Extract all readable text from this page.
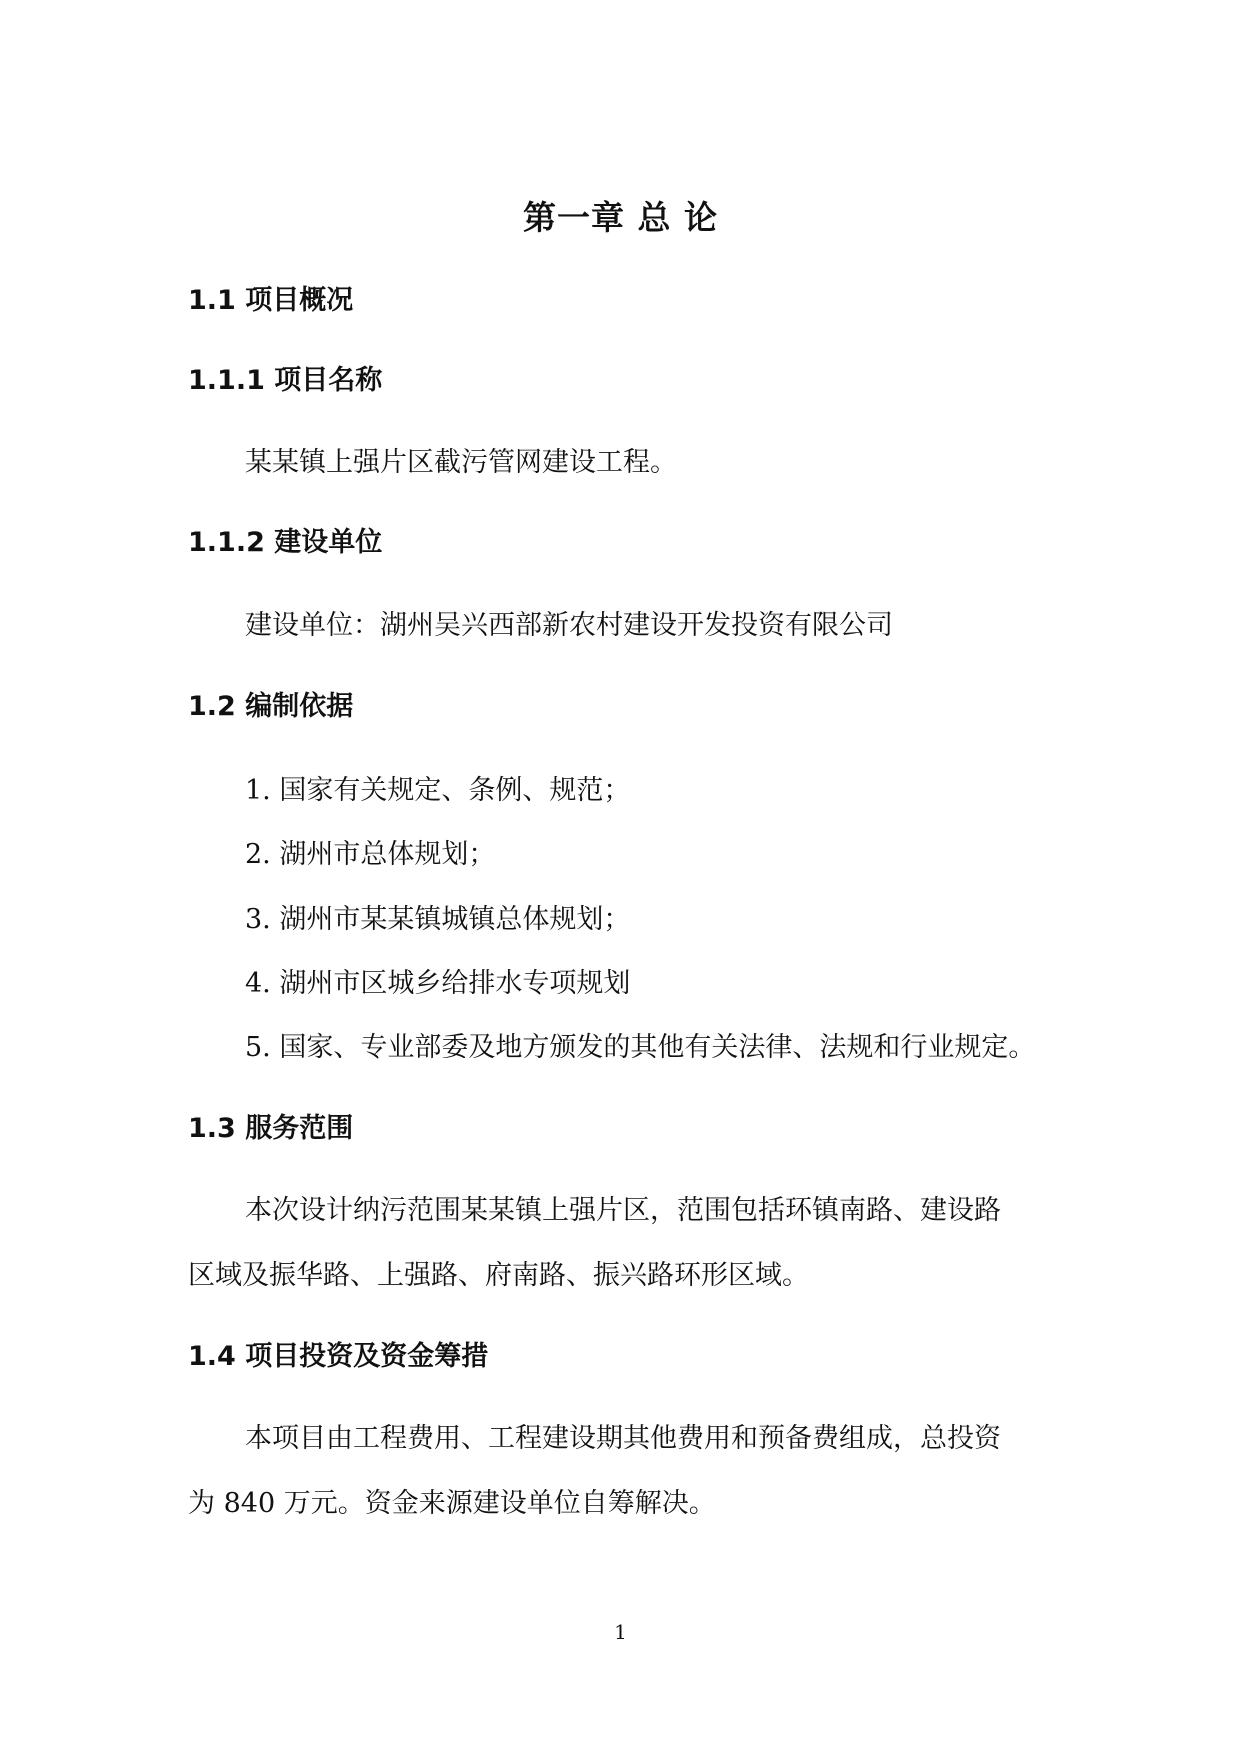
第一章 总 论
1.1 项目概况
1.1.1 项目名称

某某镇上强片区截污管网建设工程。

1.1.2 建设单位

建设单位：湖州吴兴西部新农村建设开发投资有限公司

1.2 编制依据

1. 国家有关规定、条例、规范；

2. 湖州市总体规划；

3. 湖州市某某镇城镇总体规划；

4. 湖州市区城乡给排水专项规划

5. 国家、专业部委及地方颁发的其他有关法律、法规和行业规定。

1.3 服务范围

本次设计纳污范围某某镇上强片区，范围包括环镇南路、建设路

区域及振华路、上强路、府南路、振兴路环形区域。

1.4 项目投资及资金筹措

本项目由工程费用、工程建设期其他费用和预备费组成，总投资

为 840 万元。资金来源建设单位自筹解决。

1
